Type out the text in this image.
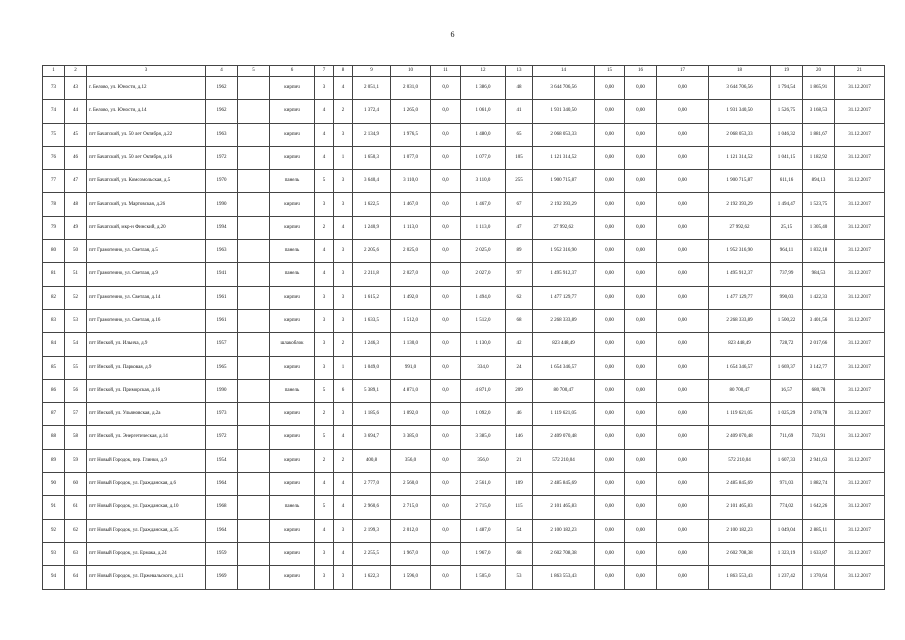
6
1	2	3	4	5	6	7	8	9	10	11	12	13	14	15	16	17	18	19	20	21
73	43	г. Белово, ул. Юности, д.12	1962		кирпич	3	4	2 051,1	2 031,0	0,0	1 386,0	48	3 644 706,56	0,00	0,00	0,00	3 644 706,56	1 794,54	1 865,91	31.12.2017
74	44	г. Белово, ул. Юности, д.14	1962		кирпич	4	2	1 372,4	1 265,0	0,0	1 061,0	41	1 931 340,50	0,00	0,00	0,00	1 931 340,50	1 526,75	3 168,53	31.12.2017
75	45	пгт Бачатский, ул. 50 лет Октября, д.22	1963		кирпич	4	3	2 134,9	1 976,5	0,0	1 480,0	65	2 068 053,33	0,00	0,00	0,00	2 068 053,33	1 046,32	1 881,67	31.12.2017
76	46	пгт Бачатский, ул. 50 лет Октября, д.16	1972		кирпич	4	1	1 650,3	1 077,0	0,0	1 077,0	105	1 121 314,52	0,00	0,00	0,00	1 121 314,52	1 041,15	1 182,92	31.12.2017
77	47	пгт Бачатский, ул. Комсомольская, д.5	1970		панель	5	3	3 640,4	3 110,0	0,0	3 110,0	255	1 900 715,87	0,00	0,00	0,00	1 900 715,87	611,16	894,13	31.12.2017
78	48	пгт Бачатский, ул. Мартовская, д.26	1990		кирпич	3	3	1 622,5	1 467,0	0,0	1 467,0	67	2 192 393,29	0,00	0,00	0,00	2 192 393,29	1 494,47	1 523,75	31.12.2017
79	49	пгт Бачатский, мкр-н Финский, д.20	1994		кирпич	2	4	1 240,9	1 113,0	0,0	1 113,0	47	27 992,62	0,00	0,00	0,00	27 992,62	25,15	1 305,40	31.12.2017
80	50	пгт Грамотеино, ул. Светлая, д.5	1963		панель	4	3	2 205,6	2 025,0	0,0	2 025,0	89	1 952 316,90	0,00	0,00	0,00	1 952 316,90	964,11	1 832,18	31.12.2017
81	51	пгт Грамотеино, ул. Светлая, д.9	1941		панель	4	3	2 211,8	2 027,0	0,0	2 027,0	97	1 495 912,37	0,00	0,00	0,00	1 495 912,37	737,99	984,53	31.12.2017
82	52	пгт Грамотеино, ул. Светлая, д.14	1961		кирпич	3	3	1 615,2	1 492,0	0,0	1 494,0	62	1 477 129,77	0,00	0,00	0,00	1 477 129,77	990,03	1 422,33	31.12.2017
83	53	пгт Грамотеино, ул. Светлая, д.16	1961		кирпич	3	3	1 633,5	1 512,0	0,0	1 512,0	68	2 268 333,89	0,00	0,00	0,00	2 268 333,89	1 500,22	3 401,56	31.12.2017
84	54	пгт Инской, ул. Ильича, д.9	1957		шлакоблок	3	2	1 246,3	1 130,0	0,0	1 130,0	42	823 448,49	0,00	0,00	0,00	823 448,49	728,72	2 017,66	31.12.2017
85	55	пгт Инской, ул. Парковая, д.9	1965		кирпич	3	1	1 049,0	991,0	0,0	334,0	24	1 654 346,57	0,00	0,00	0,00	1 654 346,57	1 669,37	3 142,77	31.12.2017
86	56	пгт Инской, ул. Приморская, д.16	1990		панель	5	6	5 389,1	4 871,0	0,0	4 871,0	209	80 700,47	0,00	0,00	0,00	80 700,47	16,57	680,78	31.12.2017
87	57	пгт Инской, ул. Ульяновская, д.2а	1973		кирпич	2	3	1 185,6	1 092,0	0,0	1 092,0	46	1 119 621,05	0,00	0,00	0,00	1 119 621,05	1 025,29	2 078,78	31.12.2017
88	58	пгт Инской, ул. Энергетическая, д.14	1972		кирпич	5	4	3 694,7	3 385,0	0,0	3 385,0	146	2 409 070,48	0,00	0,00	0,00	2 409 070,48	711,69	733,91	31.12.2017
89	59	пгт Новый Городок, пер. Глинки, д.9	1954		кирпич	2	2	400,8	356,0	0,0	356,0	21	572 210,04	0,00	0,00	0,00	572 210,04	1 607,33	2 941,63	31.12.2017
90	60	пгт Новый Городок, ул. Гражданская, д.6	1964		кирпич	4	4	2 777,0	2 560,0	0,0	2 561,0	109	2 485 845,69	0,00	0,00	0,00	2 485 845,69	971,03	1 882,74	31.12.2017
91	61	пгт Новый Городок, ул. Гражданская, д.10	1968		панель	5	4	2 960,6	2 715,0	0,0	2 715,0	115	2 101 465,83	0,00	0,00	0,00	2 101 465,83	774,02	1 642,26	31.12.2017
92	62	пгт Новый Городок, ул. Гражданская, д.35	1964		кирпич	4	3	2 199,3	2 012,0	0,0	1 487,0	54	2 100 182,23	0,00	0,00	0,00	2 100 182,23	1 049,04	2 885,11	31.12.2017
93	63	пгт Новый Городок, ул. Ермака, д.24	1959		кирпич	3	4	2 255,5	1 967,0	0,0	1 967,0	68	2 602 708,38	0,00	0,00	0,00	2 602 708,38	1 323,19	1 633,87	31.12.2017
94	64	пгт Новый Городок, ул. Пржевальского, д.11	1969		кирпич	3	3	1 622,3	1 596,0	0,0	1 505,0	53	1 863 553,43	0,00	0,00	0,00	1 863 553,43	1 237,42	1 370,64	31.12.2017
